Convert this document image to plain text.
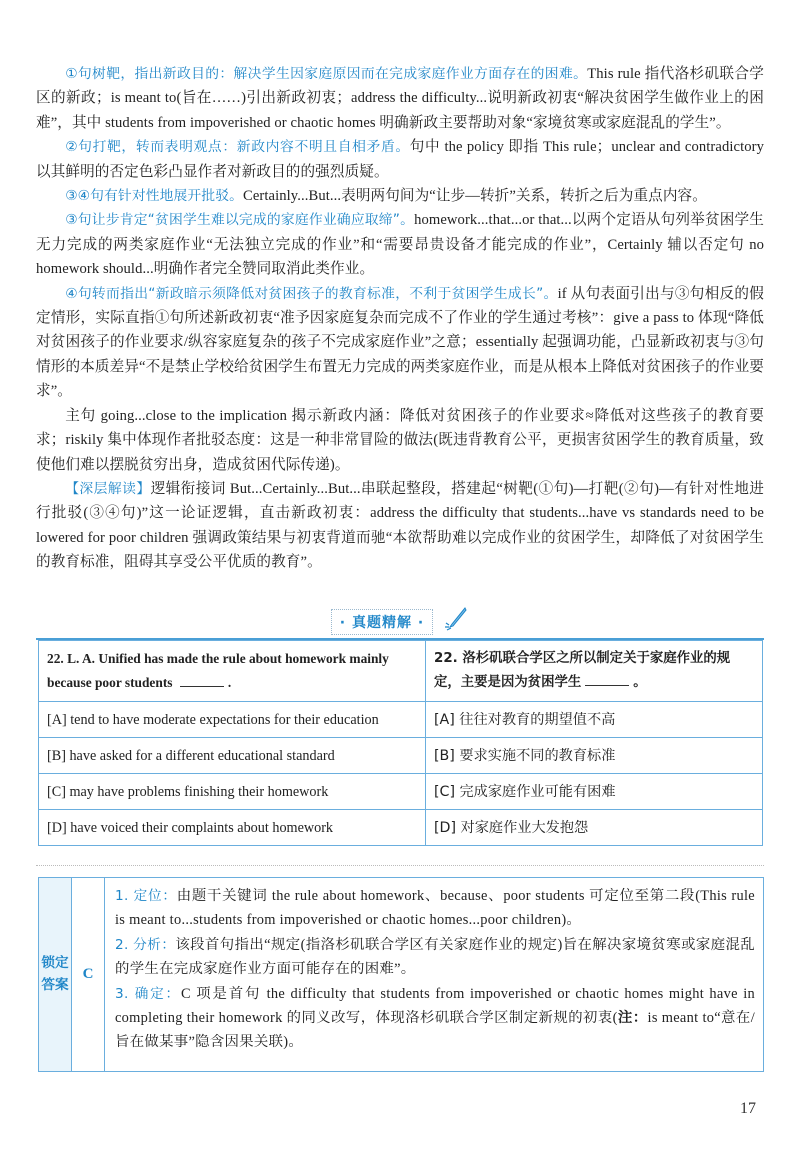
①句树靶，指出新政目的：解决学生因家庭原因而在完成家庭作业方面存在的困难。This rule 指代洛杉矶联合学区的新政；is meant to(旨在……)引出新政初衷；address the difficulty...说明新政初衷“解决贫困学生做作业上的困难”，其中 students from impoverished or chaotic homes 明确新政主要帮助对象“家境贫寒或家庭混乱的学生”。

②句打靶，转而表明观点：新政内容不明且自相矛盾。句中 the policy 即指 This rule；unclear and contradictory 以其鲜明的否定色彩凸显作者对新政目的的强烈质疑。

③④句有针对性地展开批驳。Certainly...But...表明两句间为“让步—转折”关系，转折之后为重点内容。

③句让步肯定“贫困学生难以完成的家庭作业确应取缔”。homework...that...or that...以两个定语从句列举贫困学生无力完成的两类家庭作业“无法独立完成的作业”和“需要昂贵设备才能完成的作业”，Certainly 辅以否定句 no homework should...明确作者完全赞同取消此类作业。

④句转而指出“新政暗示须降低对贫困孩子的教育标准，不利于贫困学生成长”。if 从句表面引出与③句相反的假定情形，实际直指①句所述新政初衷“准予因家庭复杂而完成不了作业的学生通过考核”：give a pass to 体现“降低对贫困孩子的作业要求/纵容家庭复杂的孩子不完成家庭作业”之意；essentially 起强调功能，凸显新政初衷与③句情形的本质差异“不是禁止学校给贫困学生布置无力完成的两类家庭作业，而是从根本上降低对贫困孩子的作业要求”。

主句 going...close to the implication 揭示新政内涵：降低对贫困孩子的作业要求≈降低对这些孩子的教育要求；riskily 集中体现作者批驳态度：这是一种非常冒险的做法(既违背教育公平，更损害贫困学生的教育质量，致使他们难以摆脱贫穷出身，造成贫困代际传递)。

【深层解读】逻辑衔接词 But...Certainly...But...串联起整段，搭建起“树靶(①句)—打靶(②句)—有针对性地进行批驳(③④句)”这一论证逻辑，直击新政初衷：address the difficulty that students...have vs standards need to be lowered for poor children 强调政策结果与初衷背道而驰“本欲帮助难以完成作业的贫困学生，却降低了对贫困学生的教育标准，阻碍其享受公平优质的教育”。

· 真题精解 ·
22. L. A. Unified has made the rule about homework mainly because poor students .	22. 洛杉矶联合学区之所以制定关于家庭作业的规定，主要是因为贫困学生 。
[A] tend to have moderate expectations for their education	[A] 往往对教育的期望值不高
[B] have asked for a different educational standard	[B] 要求实施不同的教育标准
[C] may have problems finishing their homework	[C] 完成家庭作业可能有困难
[D] have voiced their complaints about homework	[D] 对家庭作业大发抱怨
锁定
答案	C	
1. 定位：由题干关键词 the rule about homework、because、poor students 可定位至第二段(This rule is meant to...students from impoverished or chaotic homes...poor children)。
2. 分析：该段首句指出“规定(指洛杉矶联合学区有关家庭作业的规定)旨在解决家境贫寒或家庭混乱的学生在完成家庭作业方面可能存在的困难”。
3. 确定：C 项是首句 the difficulty that students from impoverished or chaotic homes might have in completing their homework 的同义改写，体现洛杉矶联合学区制定新规的初衷(注：is meant to“意在/旨在做某事”隐含因果关联)。
17
